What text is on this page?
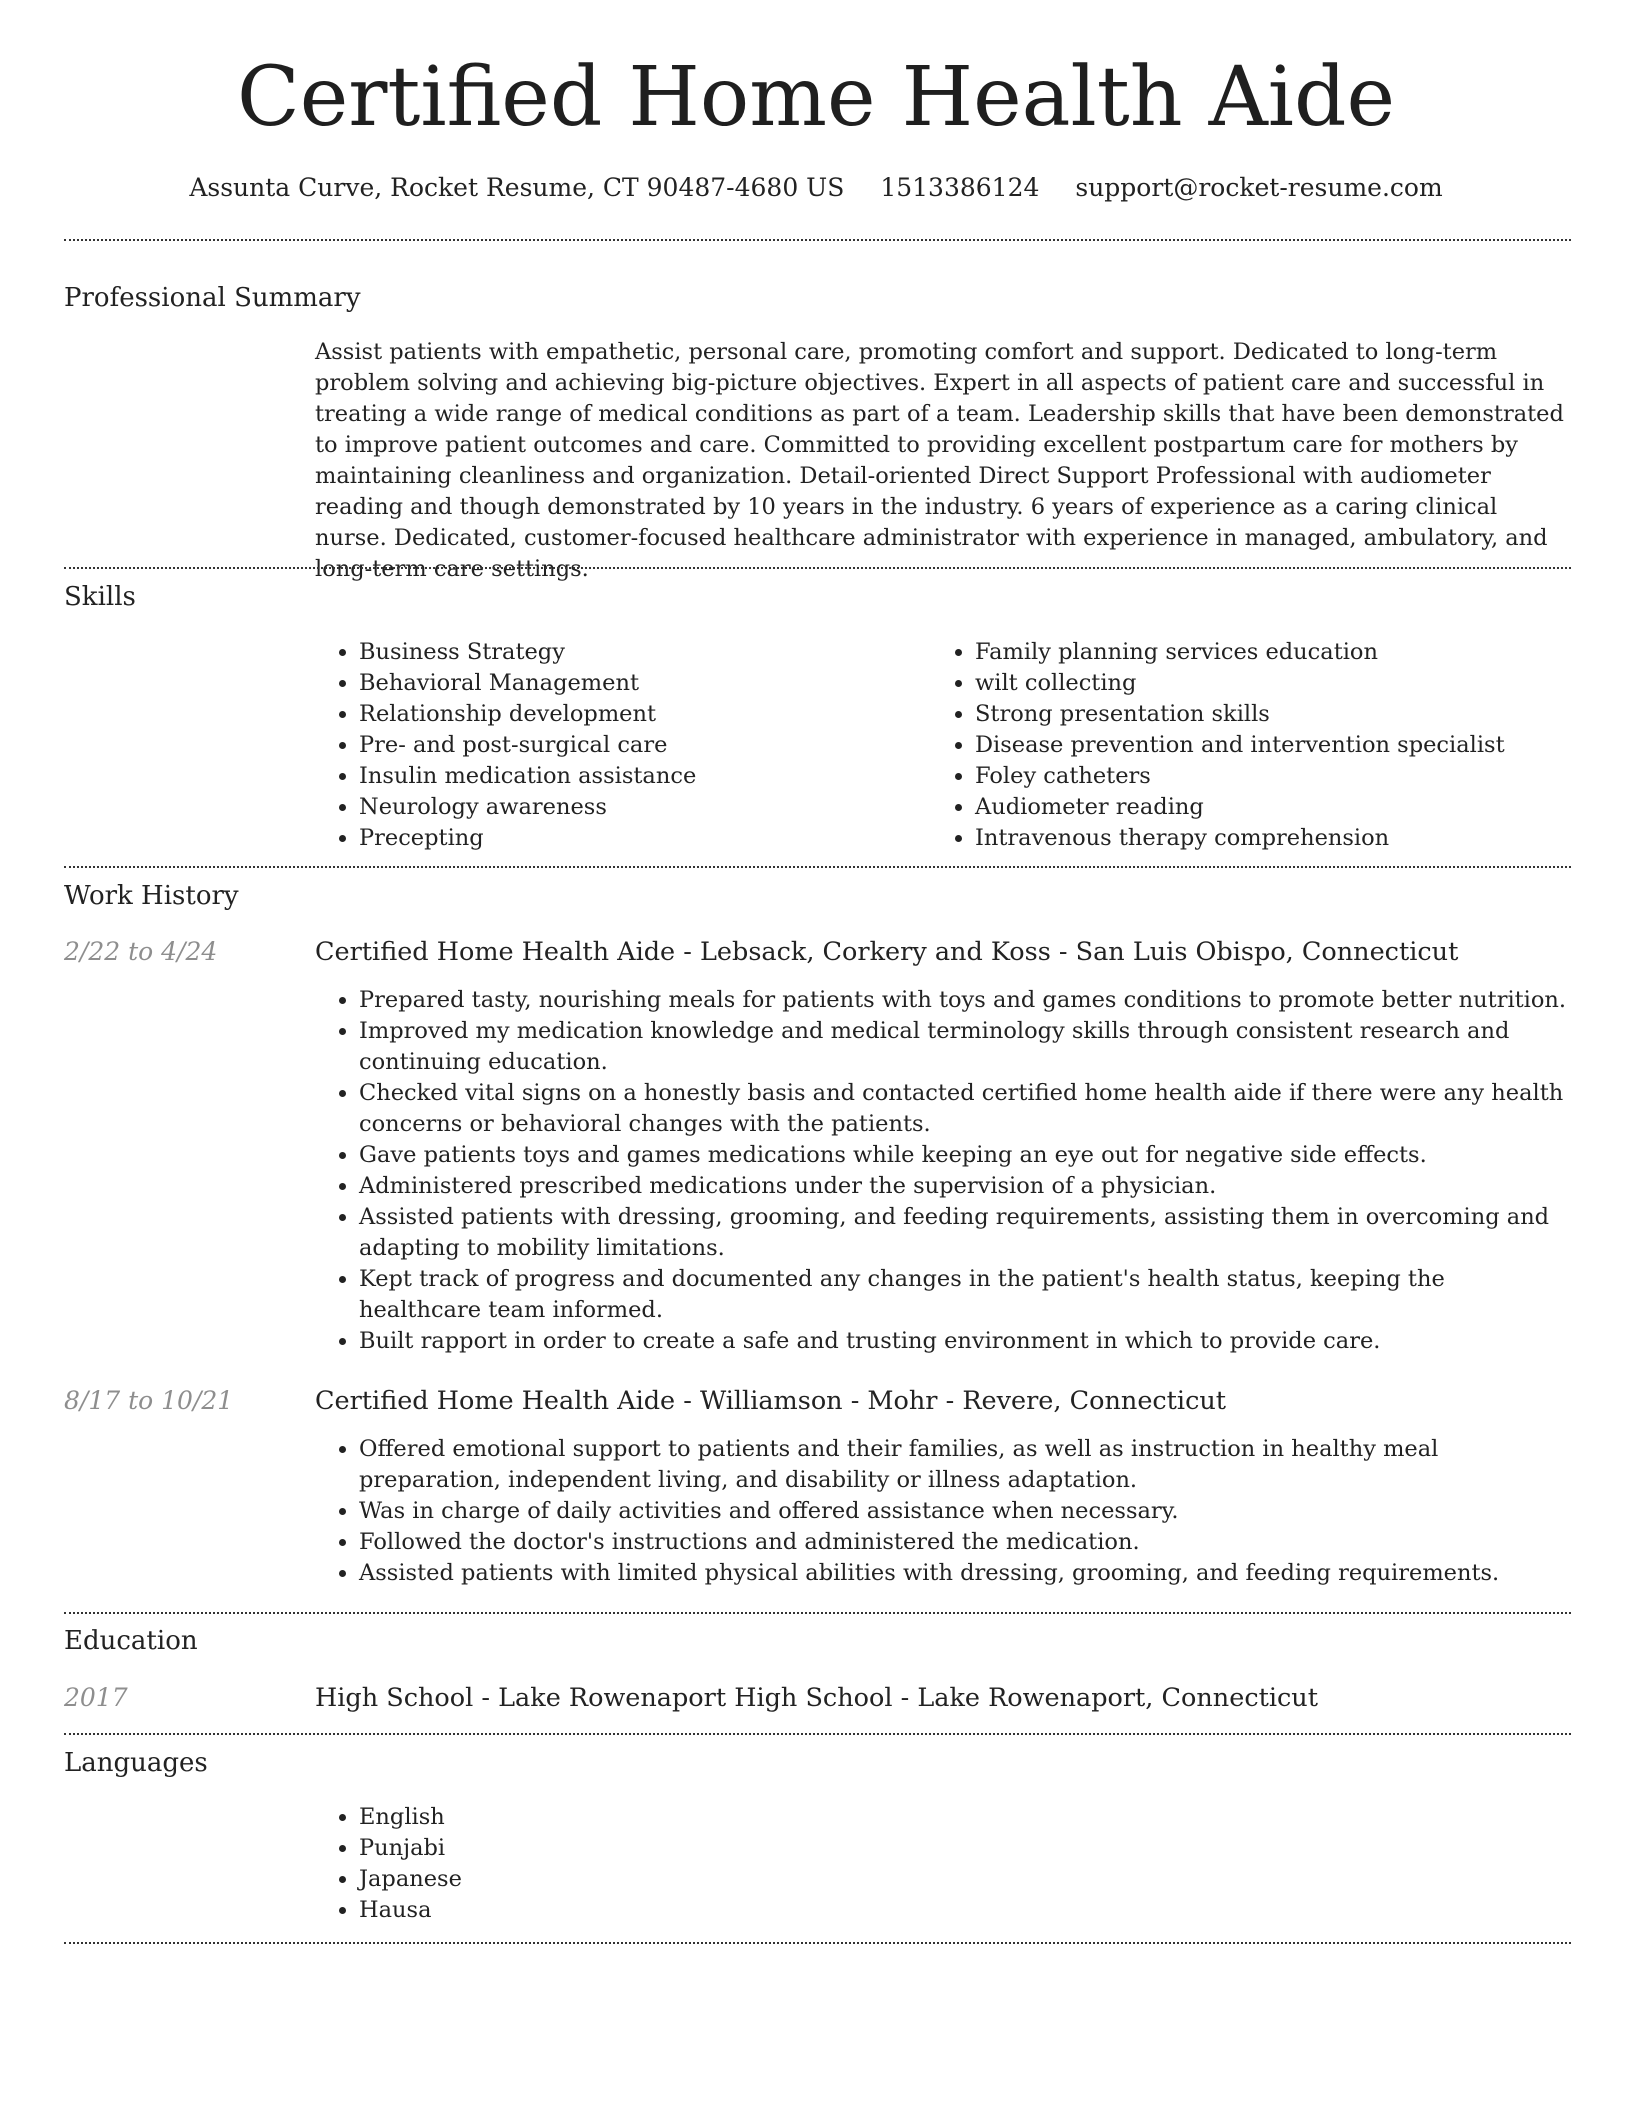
Certified Home Health Aide
Assunta Curve, Rocket Resume, CT 90487-4680 US 1513386124 support@rocket-resume.com
Professional Summary

Assist patients with empathetic, personal care, promoting comfort and support. Dedicated to long-term problem solving and achieving big-picture objectives. Expert in all aspects of patient care and successful in treating a wide range of medical conditions as part of a team. Leadership skills that have been demonstrated to improve patient outcomes and care. Committed to providing excellent postpartum care for mothers by maintaining cleanliness and organization. Detail-oriented Direct Support Professional with audiometer reading and though demonstrated by 10 years in the industry. 6 years of experience as a caring clinical nurse. Dedicated, customer-focused healthcare administrator with experience in managed, ambulatory, and long-term care settings.

Skills
• Business Strategy
• Behavioral Management
• Relationship development
• Pre- and post-surgical care
• Insulin medication assistance
• Neurology awareness
• Precepting
• Family planning services education
• wilt collecting
• Strong presentation skills
• Disease prevention and intervention specialist
• Foley catheters
• Audiometer reading
• Intravenous therapy comprehension
Work History
2/22 to 4/24	Certified Home Health Aide - Lebsack, Corkery and Koss - San Luis Obispo, Connecticut
• Prepared tasty, nourishing meals for patients with toys and games conditions to promote better nutrition.
• Improved my medication knowledge and medical terminology skills through consistent research and continuing education.
• Checked vital signs on a honestly basis and contacted certified home health aide if there were any health concerns or behavioral changes with the patients.
• Gave patients toys and games medications while keeping an eye out for negative side effects.
• Administered prescribed medications under the supervision of a physician.
• Assisted patients with dressing, grooming, and feeding requirements, assisting them in overcoming and adapting to mobility limitations.
• Kept track of progress and documented any changes in the patient's health status, keeping the healthcare team informed.
• Built rapport in order to create a safe and trusting environment in which to provide care.
8/17 to 10/21	Certified Home Health Aide - Williamson - Mohr - Revere, Connecticut
• Offered emotional support to patients and their families, as well as instruction in healthy meal preparation, independent living, and disability or illness adaptation.
• Was in charge of daily activities and offered assistance when necessary.
• Followed the doctor's instructions and administered the medication.
• Assisted patients with limited physical abilities with dressing, grooming, and feeding requirements.
Education
2017	High School - Lake Rowenaport High School - Lake Rowenaport, Connecticut
Languages
• English
• Punjabi
• Japanese
• Hausa
